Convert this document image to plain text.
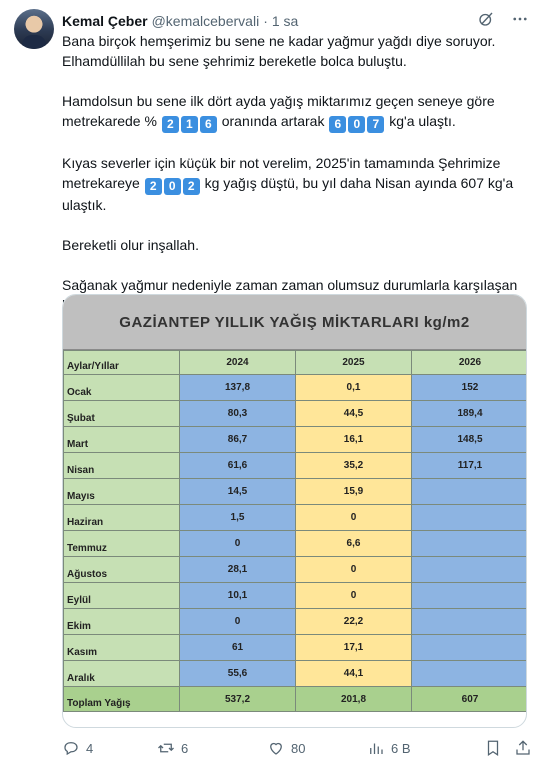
Kemal Çeber @kemalcebervali · 1 sa

Bana birçok hemşerimiz bu sene ne kadar yağmur yağdı diye soruyor. Elhamdüllilah bu sene şehrimiz bereketle bolca buluştu.

Hamdolsun bu sene ilk dört ayda yağış miktarımız geçen seneye göre metrekarede % 2 1 6 oranında artarak 6 0 7 kg'a ulaştı.

Kıyas severler için küçük bir not verelim, 2025'in tamamında Şehrimize metrekareye 2 0 2 kg yağış düştü, bu yıl daha Nisan ayında 607 kg'a ulaştık.

Bereketli olur inşallah.

Sağanak yağmur nedeniyle zaman zaman olumsuz durumlarla karşılaşan

GAZİANTEP YILLIK YAĞIŞ MİKTARLARI kg/m2
Aylar/Yıllar	2024	2025	2026
Ocak	137,8	0,1	152
Şubat	80,3	44,5	189,4
Mart	86,7	16,1	148,5
Nisan	61,6	35,2	117,1
Mayıs	14,5	15,9	
Haziran	1,5	0	
Temmuz	0	6,6	
Ağustos	28,1	0	
Eylül	10,1	0	
Ekim	0	22,2	
Kasım	61	17,1	
Aralık	55,6	44,1	
Toplam Yağış	537,2	201,8	607
4	6	80	6 B
